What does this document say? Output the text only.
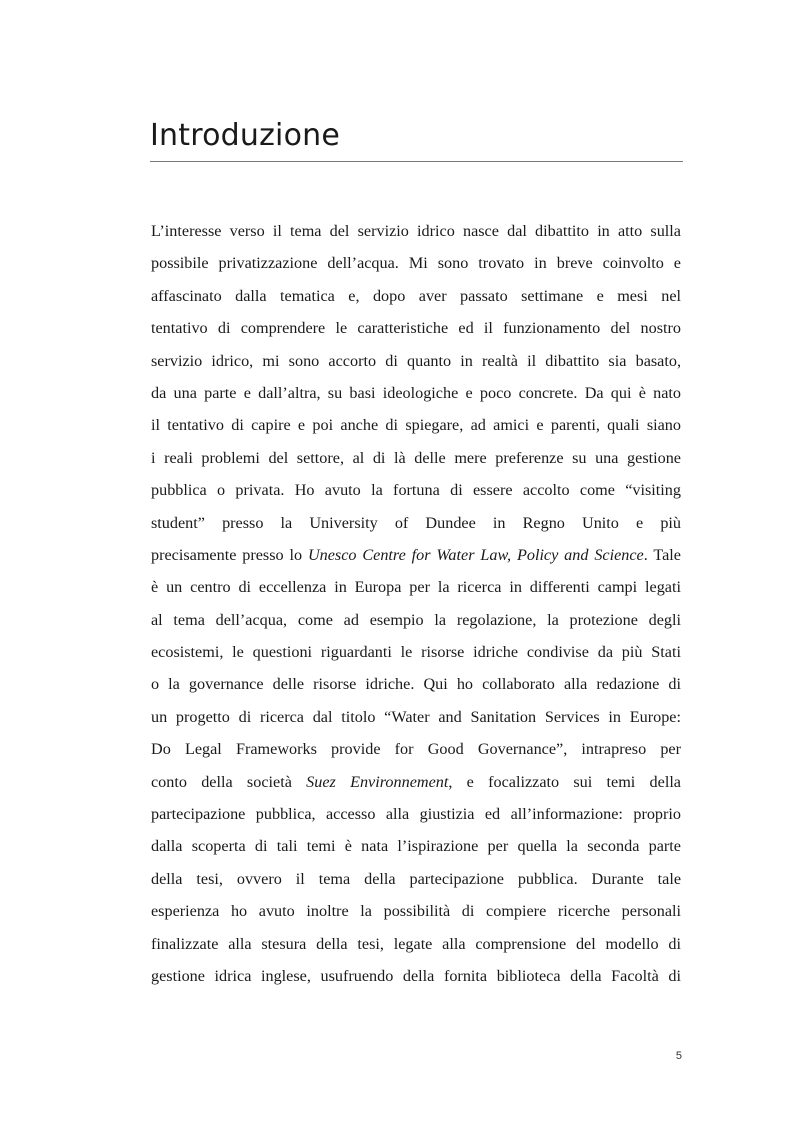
Introduzione
L’interesse verso il tema del servizio idrico nasce dal dibattito in atto sulla
possibile privatizzazione dell’acqua. Mi sono trovato in breve coinvolto e
affascinato dalla tematica e, dopo aver passato settimane e mesi nel
tentativo di comprendere le caratteristiche ed il funzionamento del nostro
servizio idrico, mi sono accorto di quanto in realtà il dibattito sia basato,
da una parte e dall’altra, su basi ideologiche e poco concrete. Da qui è nato
il tentativo di capire e poi anche di spiegare, ad amici e parenti, quali siano
i reali problemi del settore, al di là delle mere preferenze su una gestione
pubblica o privata. Ho avuto la fortuna di essere accolto come “visiting
student” presso la University of Dundee in Regno Unito e più
precisamente presso lo Unesco Centre for Water Law, Policy and Science. Tale
è un centro di eccellenza in Europa per la ricerca in differenti campi legati
al tema dell’acqua, come ad esempio la regolazione, la protezione degli
ecosistemi, le questioni riguardanti le risorse idriche condivise da più Stati
o la governance delle risorse idriche. Qui ho collaborato alla redazione di
un progetto di ricerca dal titolo “Water and Sanitation Services in Europe:
Do Legal Frameworks provide for Good Governance”, intrapreso per
conto della società Suez Environnement, e focalizzato sui temi della
partecipazione pubblica, accesso alla giustizia ed all’informazione: proprio
dalla scoperta di tali temi è nata l’ispirazione per quella la seconda parte
della tesi, ovvero il tema della partecipazione pubblica. Durante tale
esperienza ho avuto inoltre la possibilità di compiere ricerche personali
finalizzate alla stesura della tesi, legate alla comprensione del modello di
gestione idrica inglese, usufruendo della fornita biblioteca della Facoltà di
5
